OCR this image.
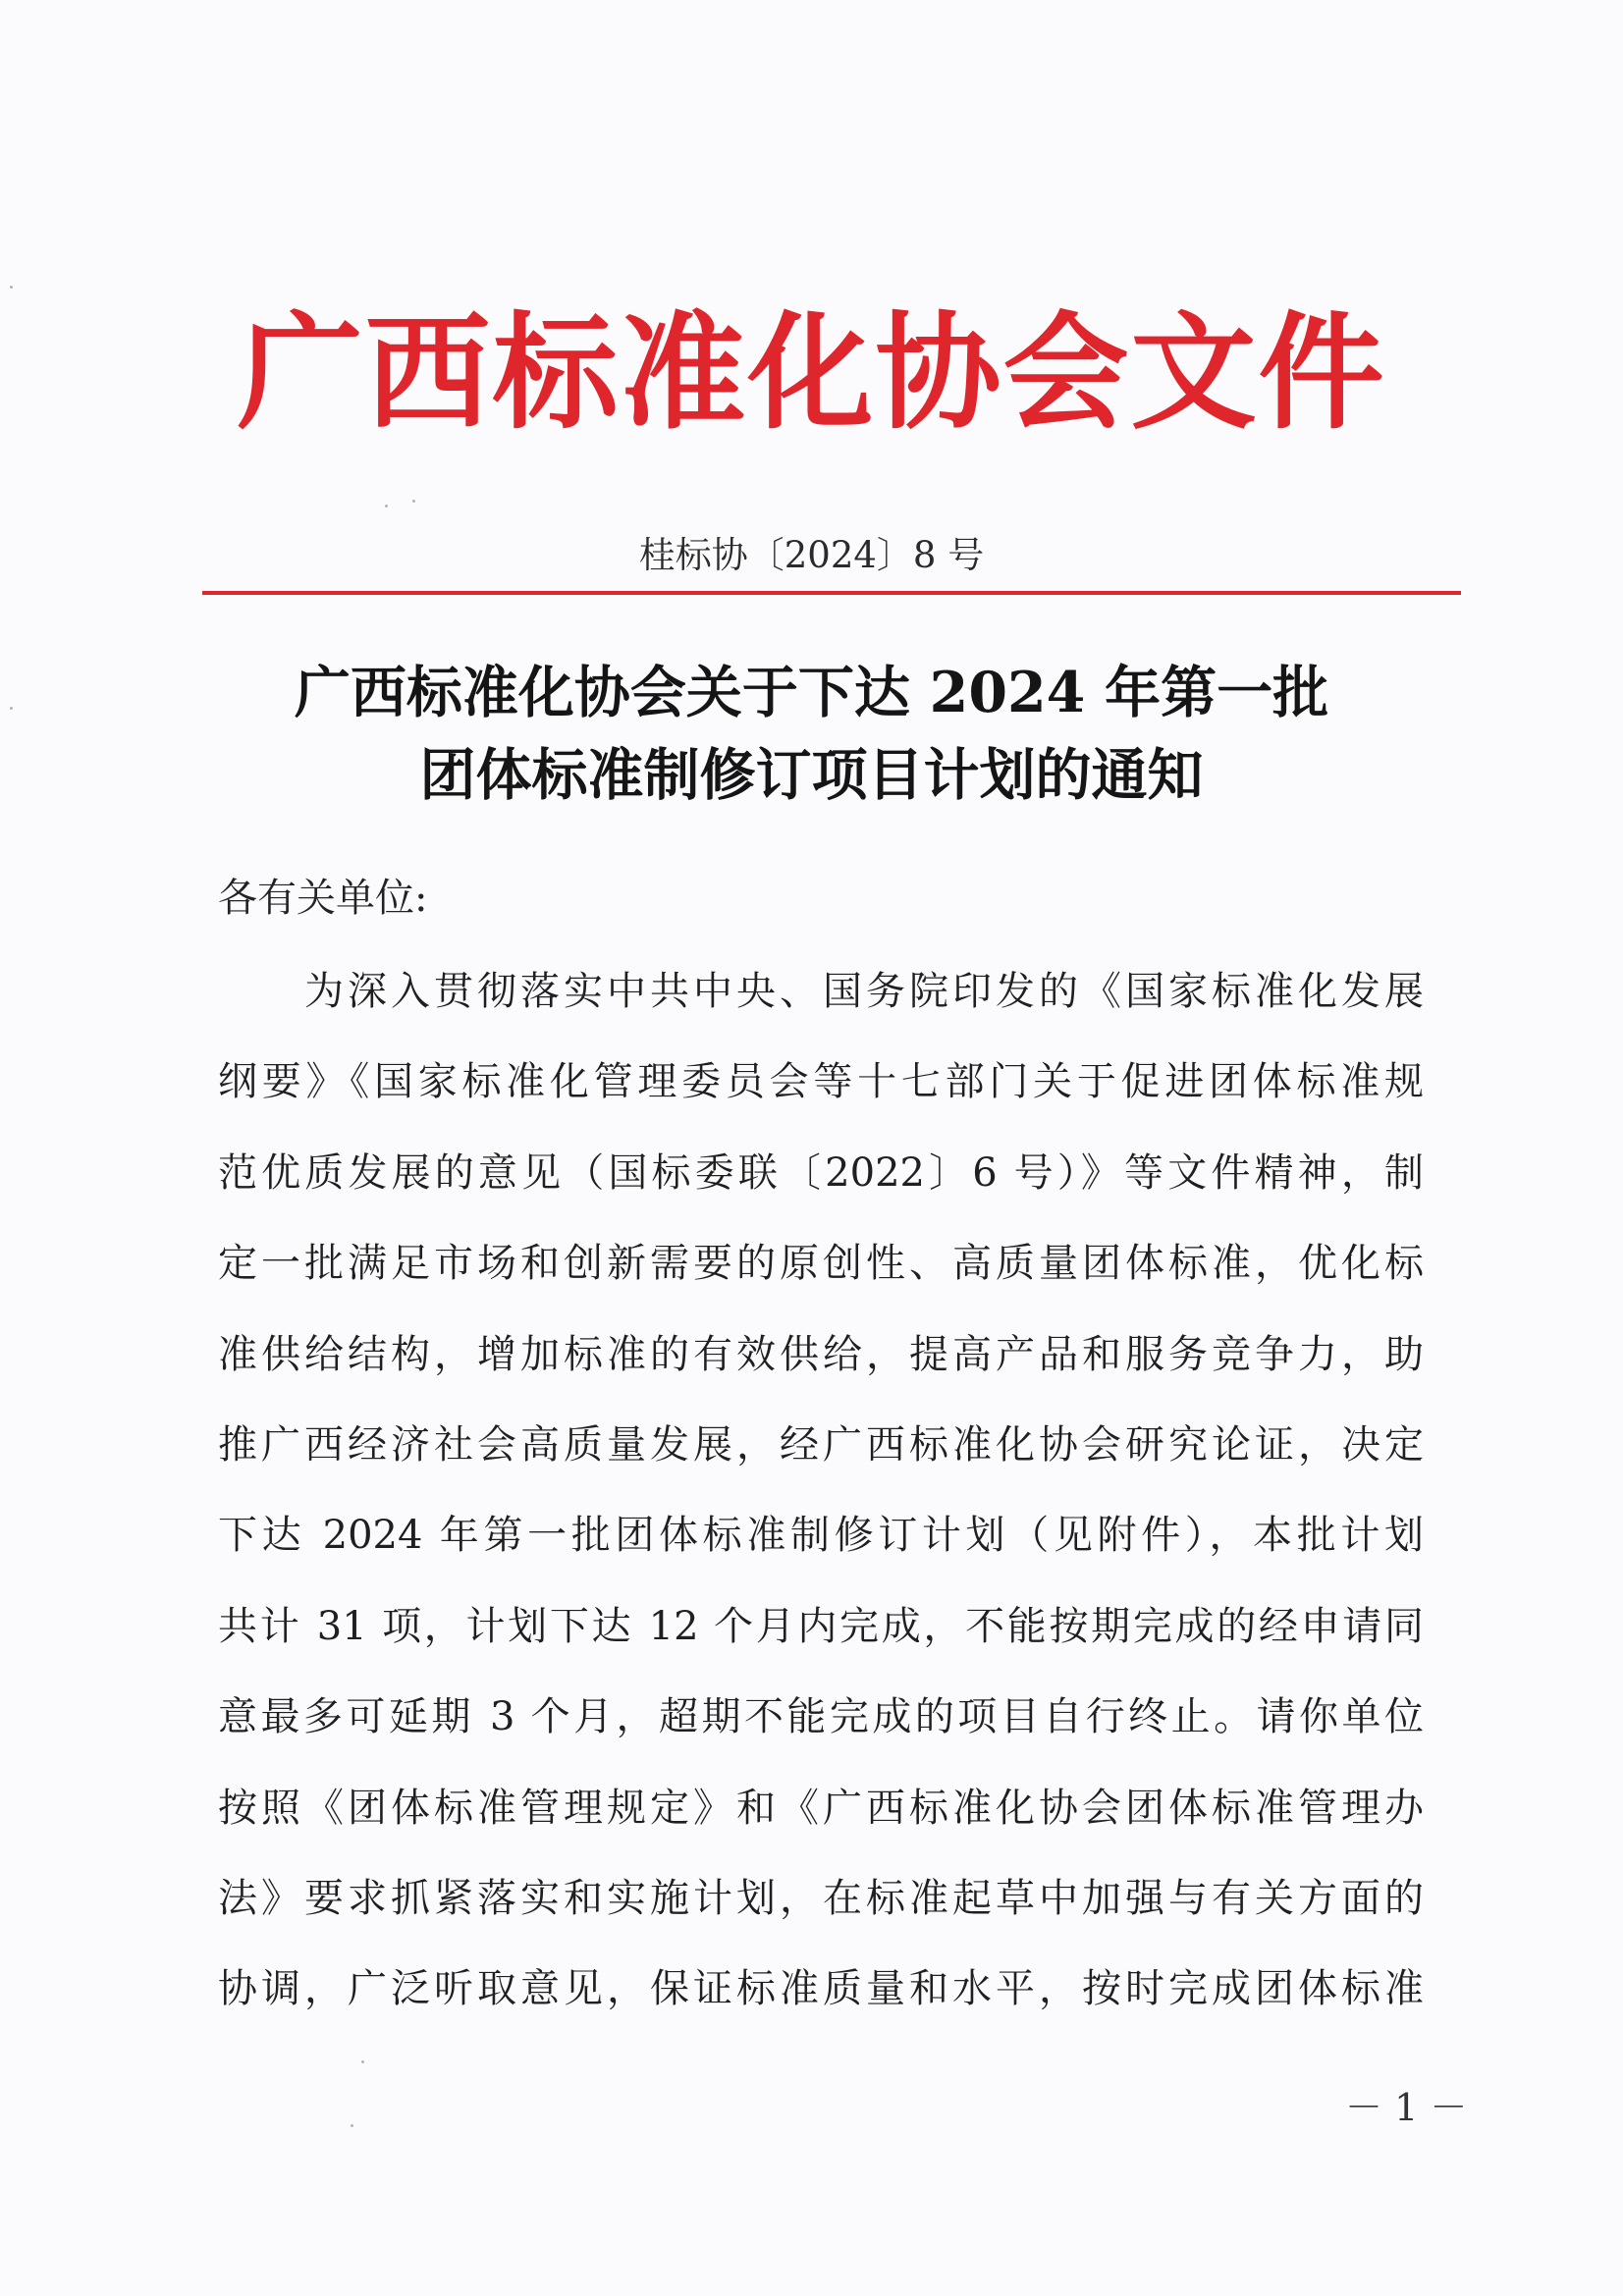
广西标准化协会文件
桂标协〔2024〕8 号
广西标准化协会关于下达 2024 年第一批
团体标准制修订项目计划的通知
各有关单位:
为深入贯彻落实中共中央、国务院印发的《国家标准化发展
纲要》《国家标准化管理委员会等十七部门关于促进团体标准规
范优质发展的意见（国标委联〔2022〕6 号）》等文件精神，制
定一批满足市场和创新需要的原创性、高质量团体标准，优化标
准供给结构，增加标准的有效供给，提高产品和服务竞争力，助
推广西经济社会高质量发展，经广西标准化协会研究论证，决定
下达 2024 年第一批团体标准制修订计划（见附件），本批计划
共计 31 项，计划下达 12 个月内完成，不能按期完成的经申请同
意最多可延期 3 个月，超期不能完成的项目自行终止。请你单位
按照《团体标准管理规定》和《广西标准化协会团体标准管理办
法》要求抓紧落实和实施计划，在标准起草中加强与有关方面的
协调，广泛听取意见，保证标准质量和水平，按时完成团体标准
－ 1 －
